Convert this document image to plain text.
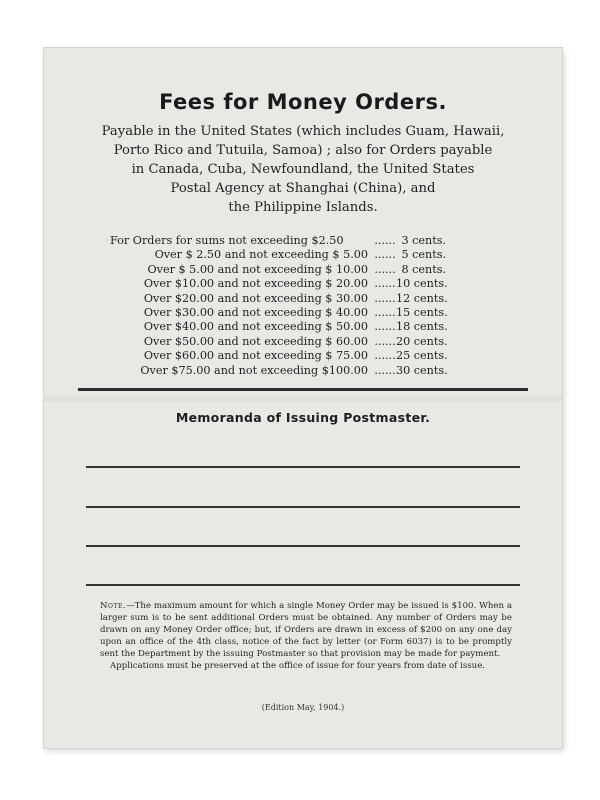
Fees for Money Orders.
Payable in the United States (which includes Guam, Hawaii,
Porto Rico and Tutuila, Samoa) ; also for Orders payable
in Canada, Cuba, Newfoundland, the United States
Postal Agency at Shanghai (China), and
the Philippine Islands.
For Orders for sums not exceeding $2.50	...... 3 cents.
Over $ 2.50 and not exceeding $ 5.00 ...... 5 cents.
Over $ 5.00 and not exceeding $ 10.00 ...... 8 cents.
Over $10.00 and not exceeding $ 20.00 ...... 10 cents.
Over $20.00 and not exceeding $ 30.00 ...... 12 cents.
Over $30.00 and not exceeding $ 40.00 ...... 15 cents.
Over $40.00 and not exceeding $ 50.00 ...... 18 cents.
Over $50.00 and not exceeding $ 60.00 ...... 20 cents.
Over $60.00 and not exceeding $ 75.00 ...... 25 cents.
Over $75.00 and not exceeding $100.00 ...... 30 cents.
Memoranda of Issuing Postmaster.

Note.—The maximum amount for which a single Money Order may be issued is $100. When a larger sum is to be sent additional Orders must be obtained. Any number of Orders may be drawn on any Money Order office; but, if Orders are drawn in excess of $200 on any one day upon an office of the 4th class, notice of the fact by letter (or Form 6037) is to be promptly sent the Department by the issuing Postmaster so that provision may be made for payment.

Applications must be preserved at the office of issue for four years from date of issue.

(Edition May, 1904.)
